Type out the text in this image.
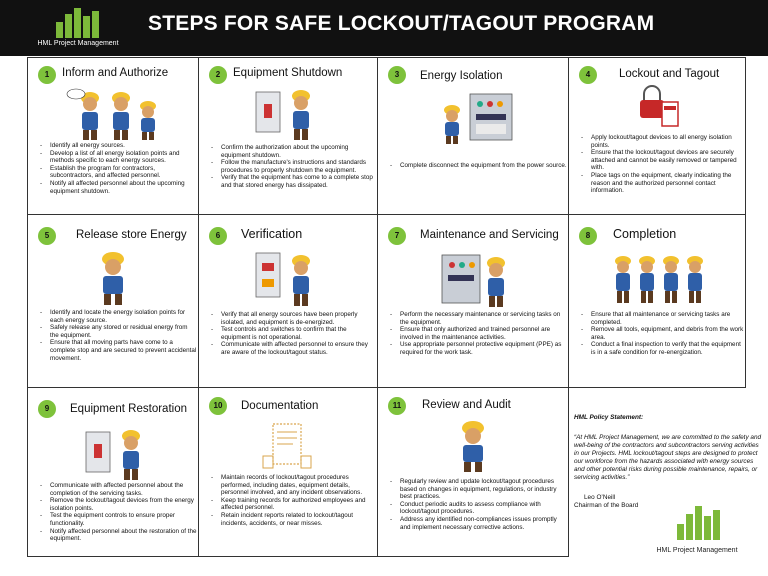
HML Project Management
STEPS FOR SAFE LOCKOUT/TAGOUT PROGRAM
1	Inform and Authorize
- Identify all energy sources.
- Develop a list of all energy isolation points and methods specific to each energy sources.
- Establish the program for contractors, subcontractors, and affected personnel.
- Notify all affected personnel about the upcoming equipment shutdown.
2	Equipment Shutdown
- Confirm the authorization about the upcoming equipment shutdown.
- Follow the manufacture's instructions and standards procedures to properly shutdown the equipment.
- Verify that the equipment has come to a complete stop and that stored energy has dissipated.
3	Energy Isolation
- Complete disconnect the equipment from the power source.
4	Lockout and Tagout
- Apply lockout/tagout devices to all energy isolation points.
- Ensure that the lockout/tagout devices are securely attached and cannot be easily removed or tampered with.
- Place tags on the equipment, clearly indicating the reason and the authorized personnel contact information.
5	Release store Energy
- Identify and locate the energy isolation points for each energy source.
- Safely release any stored or residual energy from the equipment.
- Ensure that all moving parts have come to a complete stop and are secured to prevent accidental movement.
6	Verification
- Verify that all energy sources have been properly isolated, and equipment is de-energized.
- Test controls and switches to confirm that the equipment is not operational.
- Communicate with affected personnel to ensure they are aware of the lockout/tagout status.
7	Maintenance and Servicing
- Perform the necessary maintenance or servicing tasks on the equipment.
- Ensure that only authorized and trained personnel are involved in the maintenance activities.
- Use appropriate personnel protective equipment (PPE) as required for the work task.
8	Completion
- Ensure that all maintenance or servicing tasks are completed.
- Remove all tools, equipment, and debris from the work area.
- Conduct a final inspection to verify that the equipment is in a safe condition for re-energization.
9	Equipment Restoration
- Communicate with affected personnel about the completion of the servicing tasks.
- Remove the lockout/tagout devices from the energy isolation points.
- Test the equipment controls to ensure proper functionality.
- Notify affected personnel about the restoration of the equipment.
10	Documentation
- Maintain records of lockout/tagout procedures performed, including dates, equipment details, personnel involved, and any incident observations.
- Keep training records for authorized employees and affected personnel.
- Retain incident reports related to lockout/tagout incidents, accidents, or near misses.
11	Review and Audit
- Regularly review and update lockout/tagout procedures based on changes in equipment, regulations, or industry best practices.
- Conduct periodic audits to assess compliance with lockout/tagout procedures.
- Address any identified non-compliances issues promptly and implement necessary corrective actions.
HML Policy Statement:
“At HML Project Management, we are committed to the safety and well-being of the contractors and subcontractors serving activities in our Projects. HML lockout/tagout steps are designed to protect our workforce from the hazards associated with energy sources and other potential risks during possible maintenance, repairs, or servicing activities.”
Leo O’Neill
Chairman of the Board
HML Project Management
